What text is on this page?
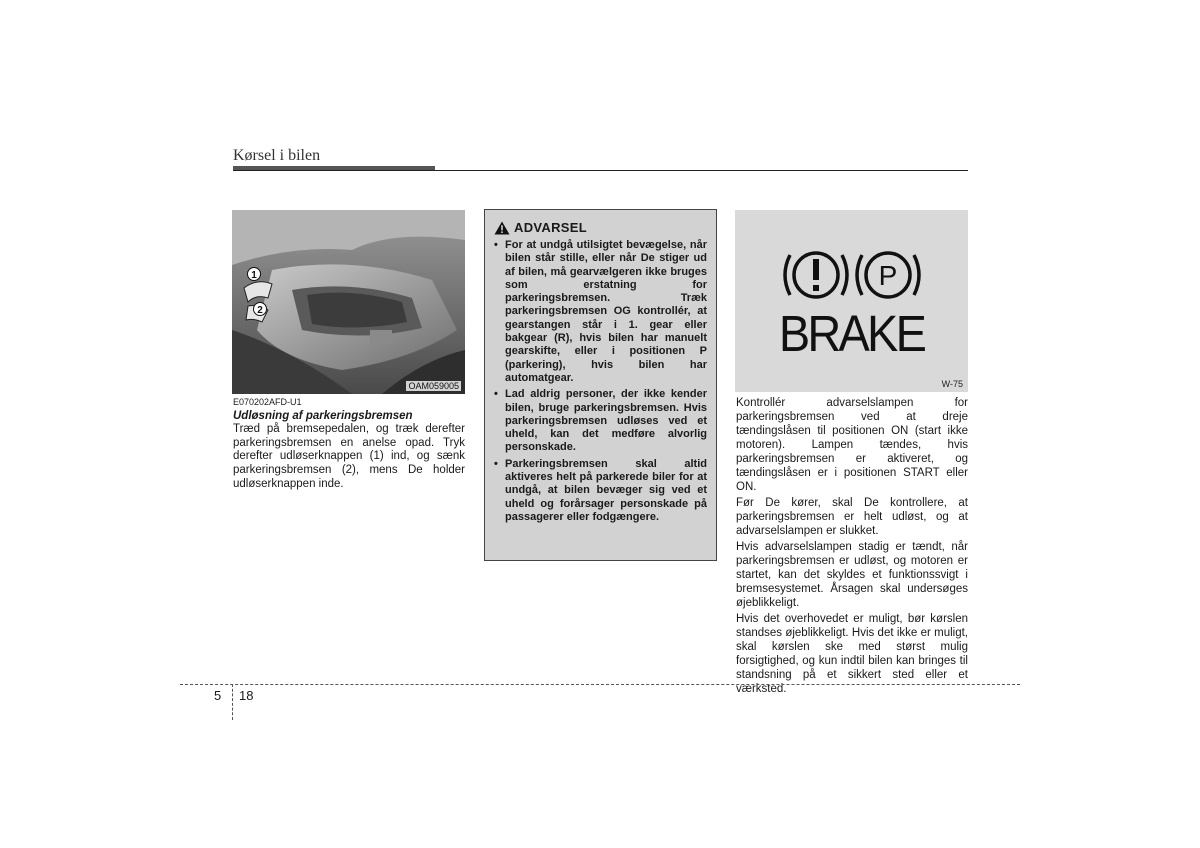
Kørsel i bilen
1
2
OAM059005
E070202AFD-U1
Udløsning af parkeringsbremsen

Træd på bremsepedalen, og træk derefter parkeringsbremsen en anelse opad. Tryk derefter udløserknappen (1) ind, og sænk parkeringsbremsen (2), mens De holder udløserknappen inde.

ADVARSEL
• For at undgå utilsigtet bevægelse, når bilen står stille, eller når De stiger ud af bilen, må gearvælgeren ikke bruges som erstatning for parkeringsbremsen. Træk parkeringsbremsen OG kontrollér, at gearstangen står i 1. gear eller bakgear (R), hvis bilen har manuelt gearskifte, eller i positionen P (parkering), hvis bilen har automatgear.
• Lad aldrig personer, der ikke kender bilen, bruge parkeringsbremsen. Hvis parkeringsbremsen udløses ved et uheld, kan det medføre alvorlig personskade.
• Parkeringsbremsen skal altid aktiveres helt på parkerede biler for at undgå, at bilen bevæger sig ved et uheld og forårsager personskade på passagerer eller fodgængere.
P
BRAKE
W-75

Kontrollér advarselslampen for parkeringsbremsen ved at dreje tændingslåsen til positionen ON (start ikke motoren). Lampen tændes, hvis parkeringsbremsen er aktiveret, og tændingslåsen er i positionen START eller ON.

Før De kører, skal De kontrollere, at parkeringsbremsen er helt udløst, og at advarselslampen er slukket.

Hvis advarselslampen stadig er tændt, når parkeringsbremsen er udløst, og motoren er startet, kan det skyldes et funktionssvigt i bremsesystemet. Årsagen skal undersøges øjeblikkeligt.

Hvis det overhovedet er muligt, bør kørslen standses øjeblikkeligt. Hvis det ikke er muligt, skal kørslen ske med størst mulig forsigtighed, og kun indtil bilen kan bringes til standsning på et sikkert sted eller et værksted.

5 18
